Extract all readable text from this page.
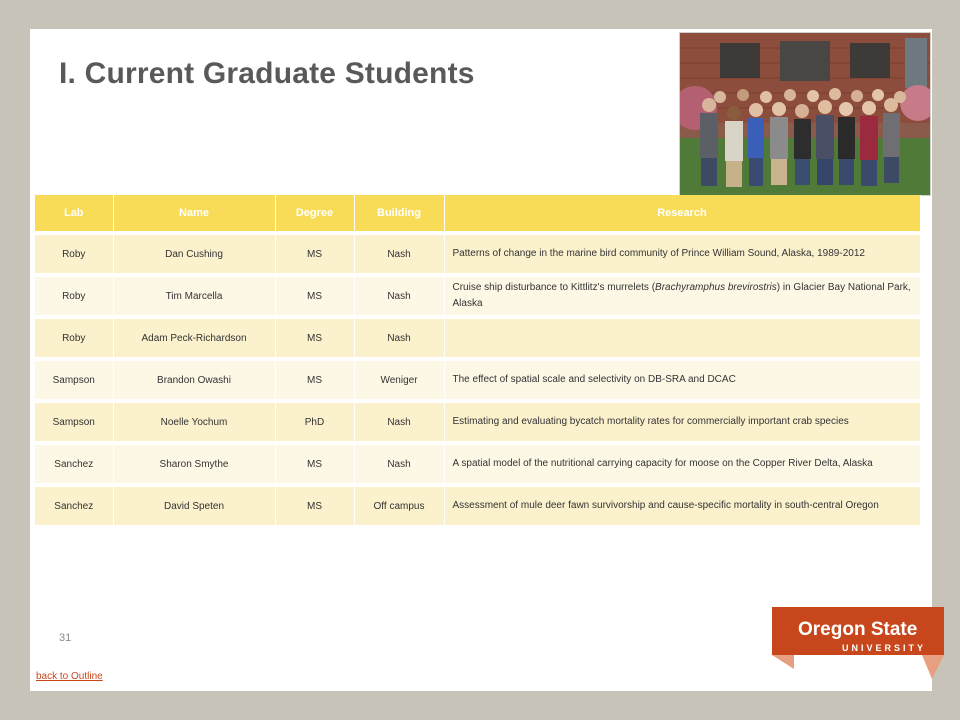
I. Current Graduate Students
Lab	Name	Degree	Building	Research
Roby	Dan Cushing	MS	Nash	Patterns of change in the marine bird community of Prince William Sound, Alaska, 1989-2012
Roby	Tim Marcella	MS	Nash	Cruise ship disturbance to Kittlitz's murrelets (Brachyramphus brevirostris) in Glacier Bay National Park, Alaska
Roby	Adam Peck-Richardson	MS	Nash	
Sampson	Brandon Owashi	MS	Weniger	The effect of spatial scale and selectivity on DB-SRA and DCAC
Sampson	Noelle Yochum	PhD	Nash	Estimating and evaluating bycatch mortality rates for commercially important crab species
Sanchez	Sharon Smythe	MS	Nash	A spatial model of the nutritional carrying capacity for moose on the Copper River Delta, Alaska
Sanchez	David Speten	MS	Off campus	Assessment of mule deer fawn survivorship and cause-specific mortality in south-central Oregon
31
back to Outline
Oregon State
UNIVERSITY
